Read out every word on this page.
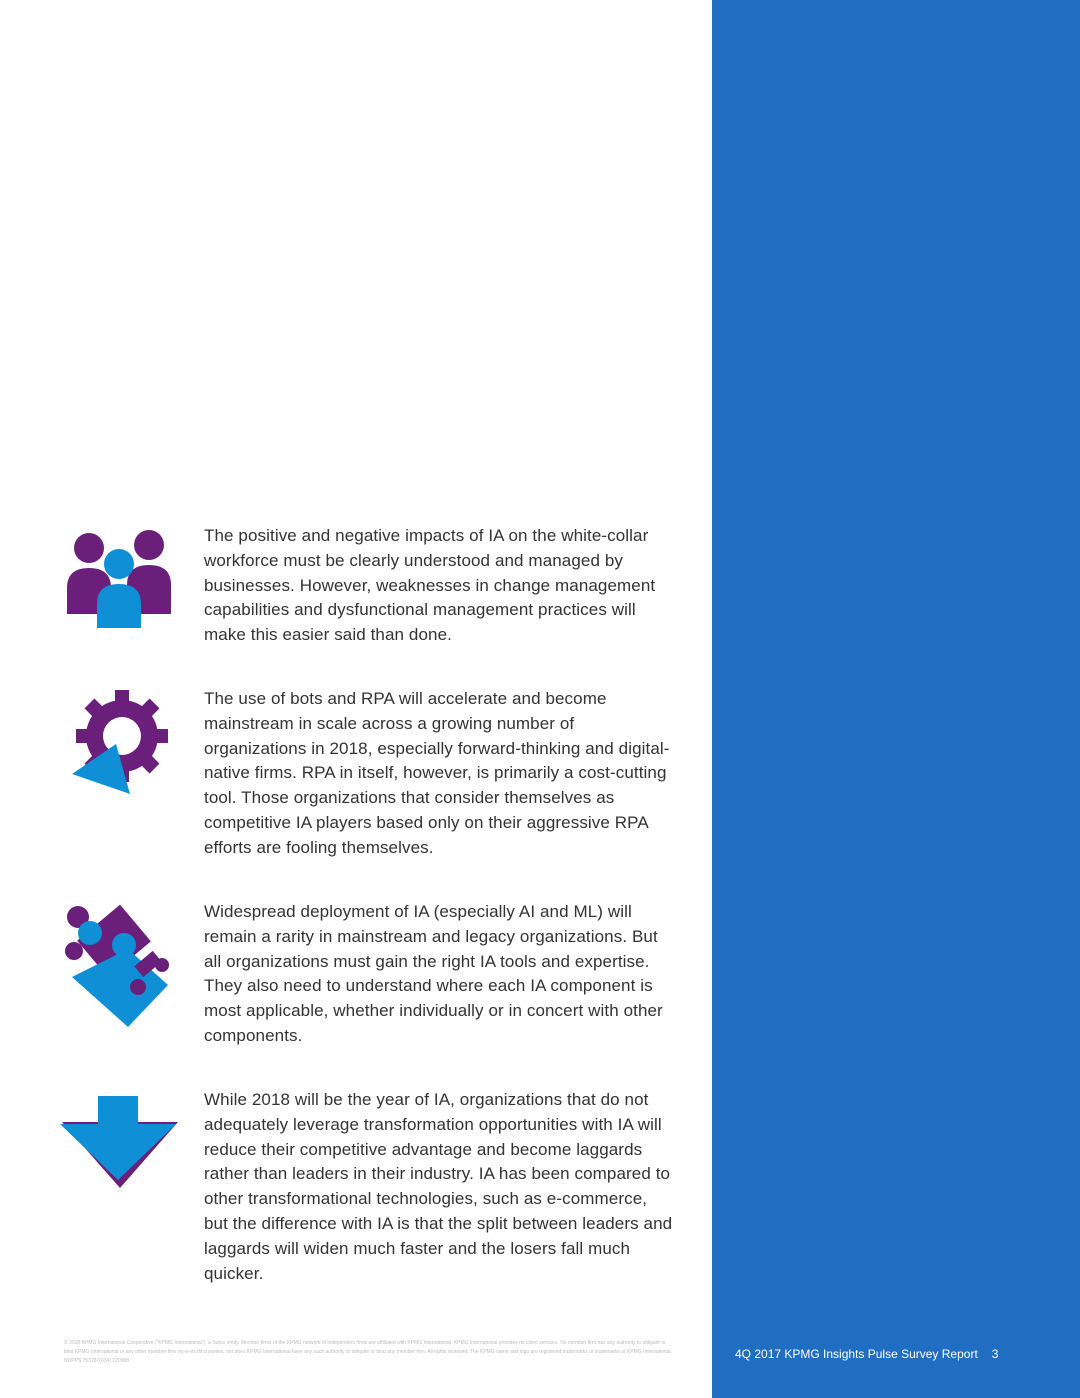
The positive and negative impacts of IA on the white-collar workforce must be clearly understood and managed by businesses. However, weaknesses in change management capabilities and dysfunctional management practices will make this easier said than done.

The use of bots and RPA will accelerate and become mainstream in scale across a growing number of organizations in 2018, especially forward-thinking and digital-native firms. RPA in itself, however, is primarily a cost-cutting tool. Those organizations that consider themselves as competitive IA players based only on their aggressive RPA efforts are fooling themselves.

Widespread deployment of IA (especially AI and ML) will remain a rarity in mainstream and legacy organizations. But all organizations must gain the right IA tools and expertise. They also need to understand where each IA component is most applicable, whether individually or in concert with other components.

While 2018 will be the year of IA, organizations that do not adequately leverage transformation opportunities with IA will reduce their competitive advantage and become laggards rather than leaders in their industry. IA has been compared to other transformational technologies, such as e-commerce, but the difference with IA is that the split between leaders and laggards will widen much faster and the losers fall much quicker.

© 2018 KPMG International Cooperative (“KPMG International”), a Swiss entity. Member firms of the KPMG network of independent firms are affiliated with KPMG International. KPMG International provides no client services. No member firm has any authority to obligate or bind KPMG International or any other member firm vis-à-vis third parties, nor does KPMG International have any such authority to obligate or bind any member firm. All rights reserved. The KPMG name and logo are registered trademarks or trademarks of KPMG International. NDPPS 753787(034) 220908	4Q 2017 KPMG Insights Pulse Survey Report 3
